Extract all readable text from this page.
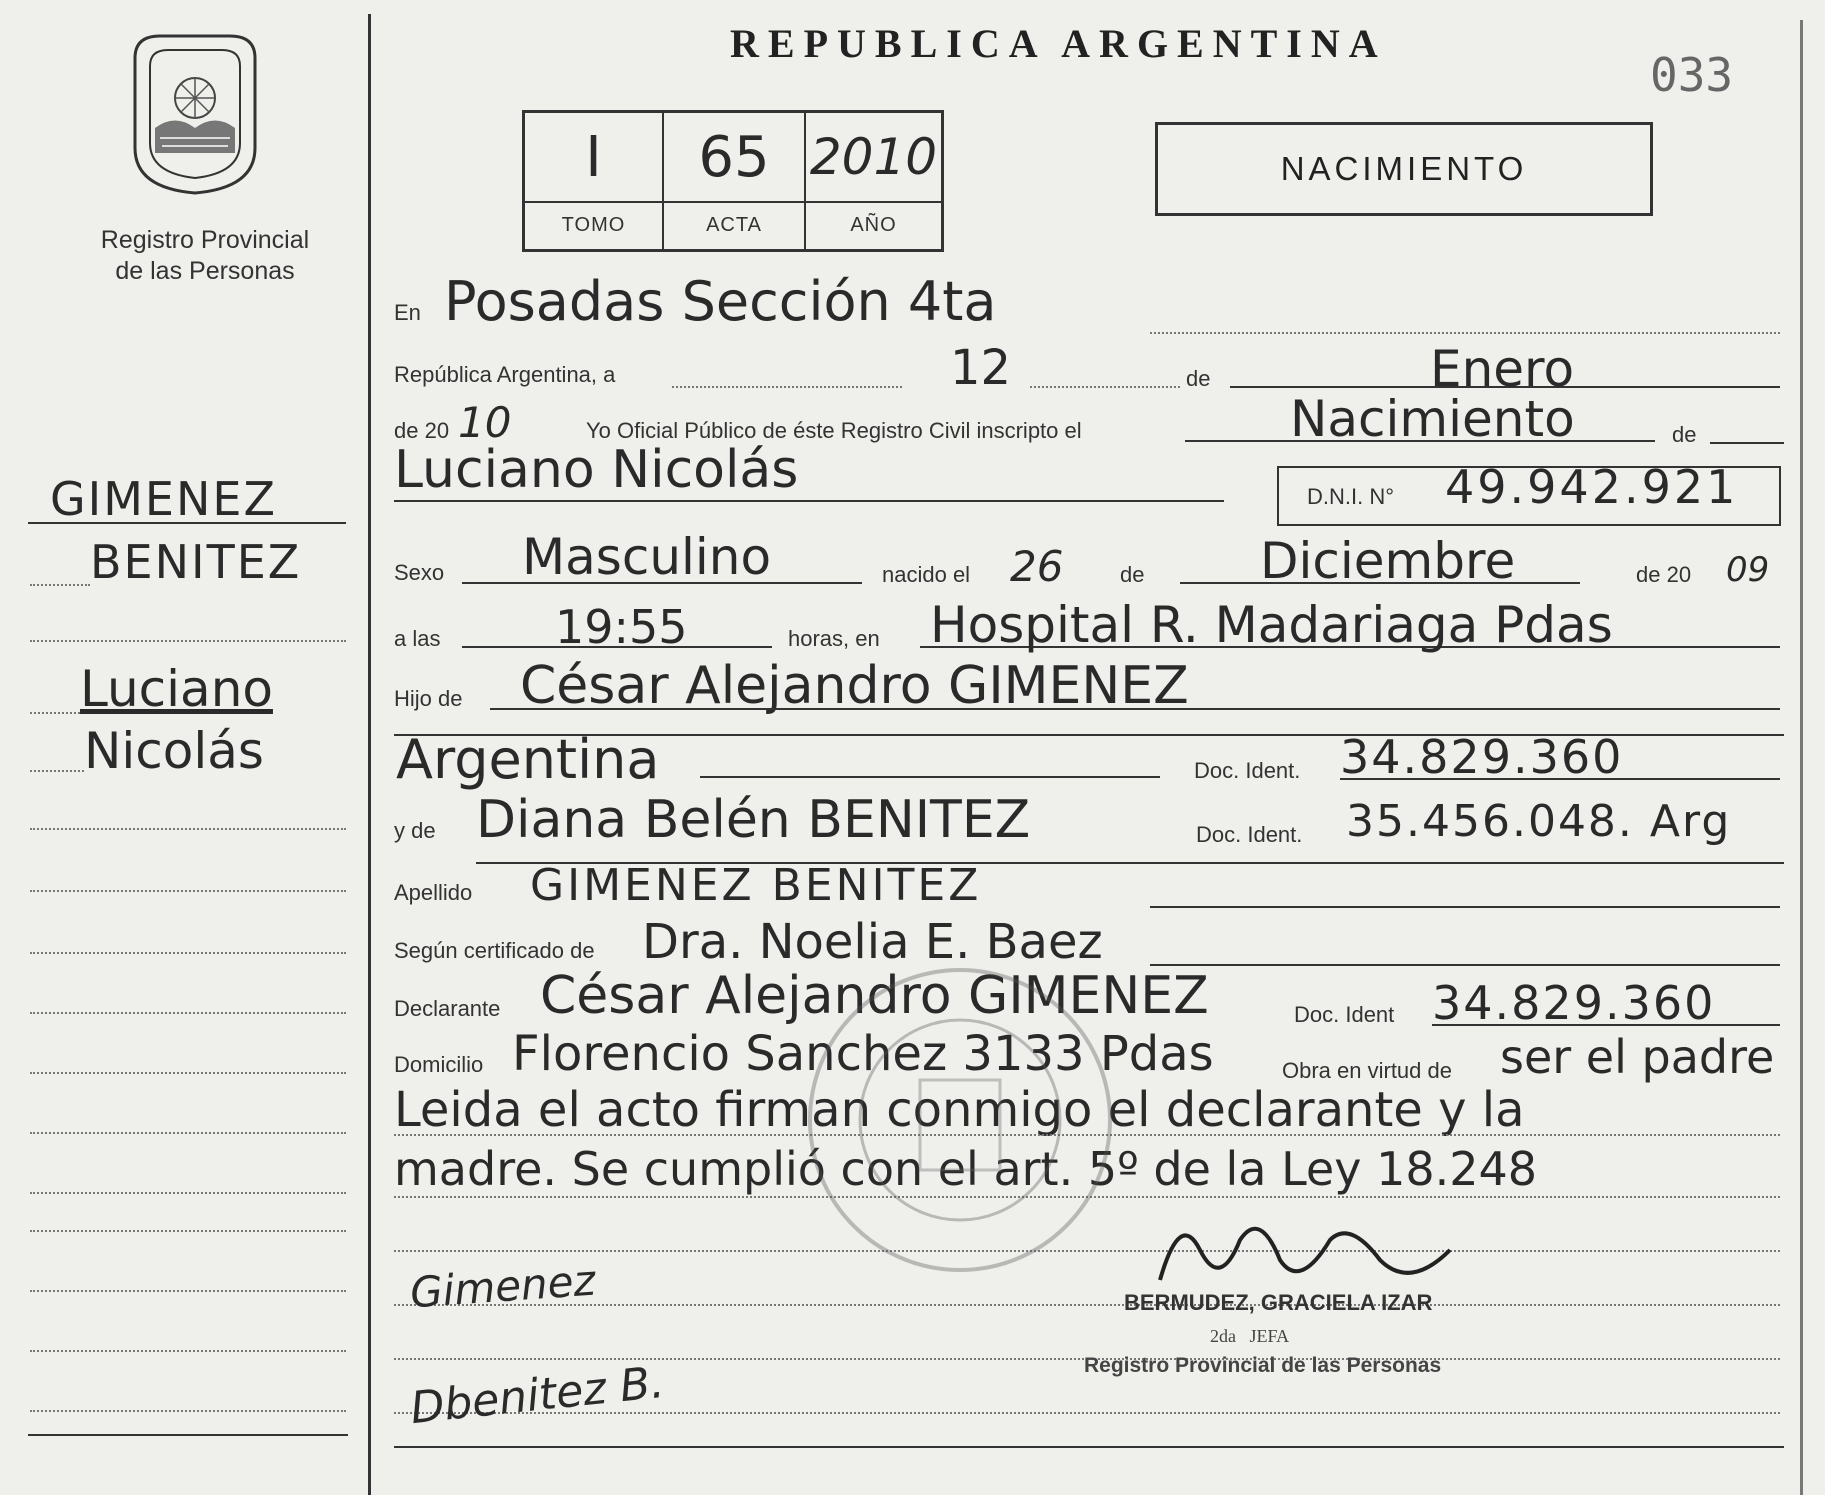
Registro Provincial
de las Personas
REPUBLICA ARGENTINA
033
I	65 2010
TOMO	ACTA	AÑO
NACIMIENTO
GIMENEZ
BENITEZ
Luciano
Nicolás
En Posadas Sección 4ta
República Argentina, a	12	de	Enero
de 20 10	Yo Oficial Público de éste Registro Civil inscripto el	Nacimiento	de
Luciano Nicolás	D.N.I. N° 49.942.921
Sexo Masculino	nacido el 26	de Diciembre	de 20 09
a las 19:55	horas, en Hospital R. Madariaga Pdas
Hijo de César Alejandro GIMENEZ
Argentina	Doc. Ident. 34.829.360
y de Diana Belén BENITEZ	Doc. Ident. 35.456.048. Arg
Apellido GIMENEZ BENITEZ
Según certificado de Dra. Noelia E. Baez
Declarante César Alejandro GIMENEZ	Doc. Ident 34.829.360
Domicilio Florencio Sanchez 3133 Pdas	Obra en virtud de ser el padre
Leida el acto firman conmigo el declarante y la
madre. Se cumplió con el art. 5º de la Ley 18.248
Gimenez
Dbenitez B.
BERMUDEZ, GRACIELA IZAR
2da   JEFA
Registro Provincial de las Personas
